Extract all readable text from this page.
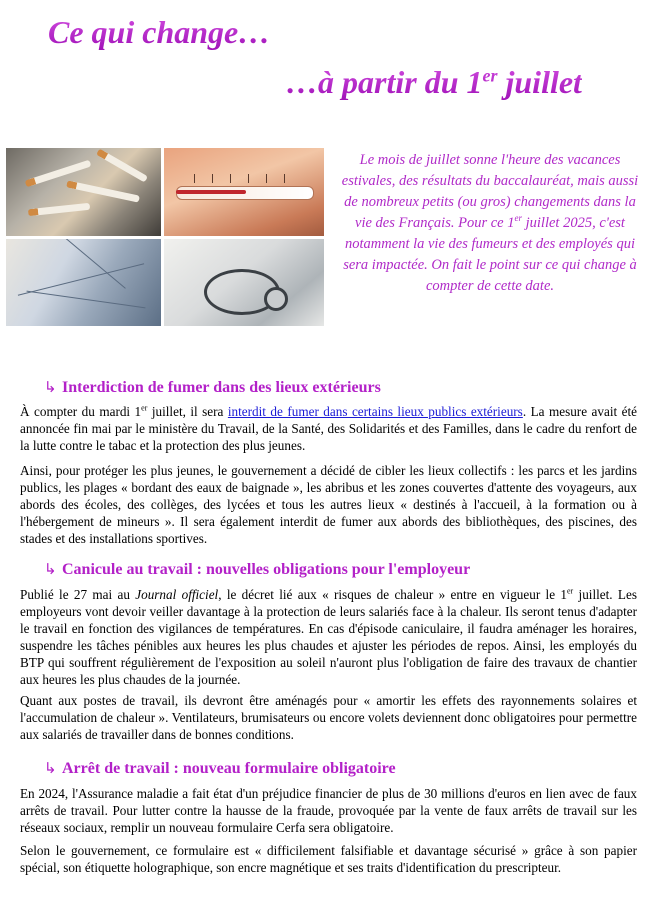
Ce qui change…
…à partir du 1er juillet
Le mois de juillet sonne l'heure des vacances estivales, des résultats du baccalauréat, mais aussi de nombreux petits (ou gros) changements dans la vie des Français. Pour ce 1er juillet 2025, c'est notamment la vie des fumeurs et des employés qui sera impactée. On fait le point sur ce qui change à compter de cette date.
↳ Interdiction de fumer dans des lieux extérieurs
À compter du mardi 1er juillet, il sera interdit de fumer dans certains lieux publics extérieurs. La mesure avait été annoncée fin mai par le ministère du Travail, de la Santé, des Solidarités et des Familles, dans le cadre du renfort de la lutte contre le tabac et la protection des plus jeunes.
Ainsi, pour protéger les plus jeunes, le gouvernement a décidé de cibler les lieux collectifs : les parcs et les jardins publics, les plages « bordant des eaux de baignade », les abribus et les zones couvertes d'attente des voyageurs, aux abords des écoles, des collèges, des lycées et tous les autres lieux « destinés à l'accueil, à la formation ou à l'hébergement de mineurs ». Il sera également interdit de fumer aux abords des bibliothèques, des piscines, des stades et des installations sportives.
↳ Canicule au travail : nouvelles obligations pour l'employeur
Publié le 27 mai au Journal officiel, le décret lié aux « risques de chaleur » entre en vigueur le 1er juillet. Les employeurs vont devoir veiller davantage à la protection de leurs salariés face à la chaleur. Ils seront tenus d'adapter le travail en fonction des vigilances de températures. En cas d'épisode caniculaire, il faudra aménager les horaires, suspendre les tâches pénibles aux heures les plus chaudes et ajuster les périodes de repos. Ainsi, les employés du BTP qui souffrent régulièrement de l'exposition au soleil n'auront plus l'obligation de faire des travaux de chantier aux heures les plus chaudes de la journée.
Quant aux postes de travail, ils devront être aménagés pour « amortir les effets des rayonnements solaires et l'accumulation de chaleur ». Ventilateurs, brumisateurs ou encore volets deviennent donc obligatoires pour permettre aux salariés de travailler dans de bonnes conditions.
↳ Arrêt de travail : nouveau formulaire obligatoire
En 2024, l'Assurance maladie a fait état d'un préjudice financier de plus de 30 millions d'euros en lien avec de faux arrêts de travail. Pour lutter contre la hausse de la fraude, provoquée par la vente de faux arrêts de travail sur les réseaux sociaux, remplir un nouveau formulaire Cerfa sera obligatoire.
Selon le gouvernement, ce formulaire est « difficilement falsifiable et davantage sécurisé » grâce à son papier spécial, son étiquette holographique, son encre magnétique et ses traits d'identification du prescripteur.
